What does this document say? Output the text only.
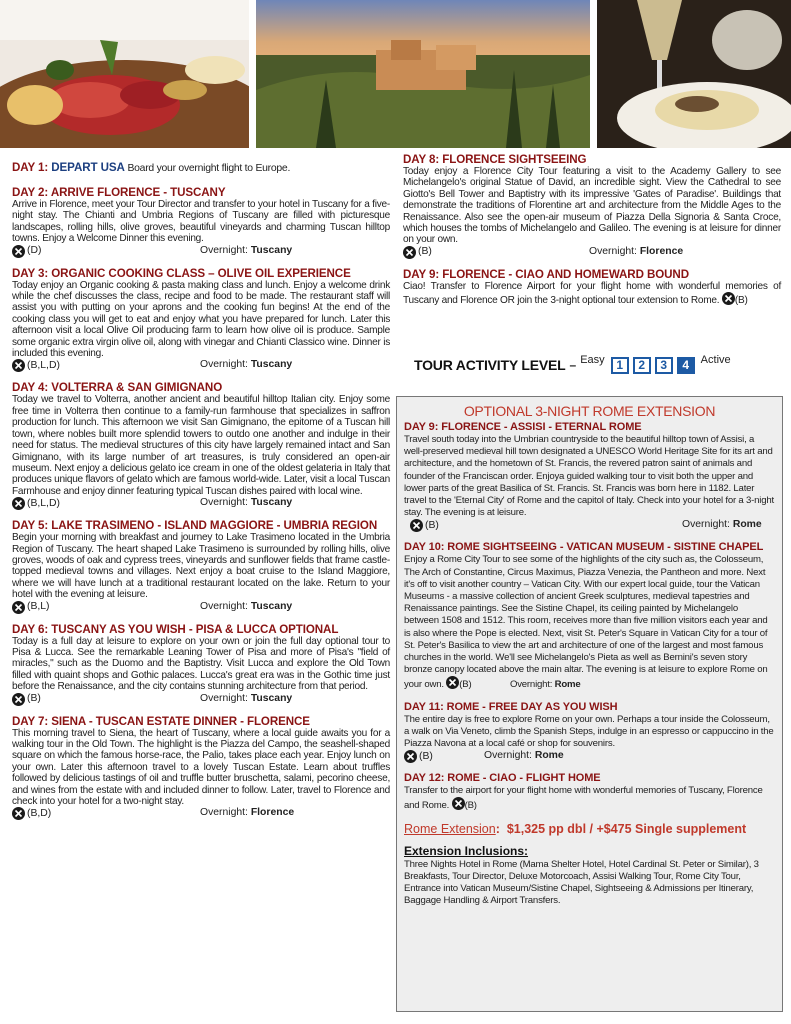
DAY 1: DEPART USA Board your overnight flight to Europe.
DAY 2: ARRIVE FLORENCE - TUSCANY
Arrive in Florence, meet your Tour Director and transfer to your hotel in Tuscany for a five-night stay. The Chianti and Umbria Regions of Tuscany are filled with picturesque landscapes, rolling hills, olive groves, beautiful vineyards and charming Tuscan hilltop towns. Enjoy a Welcome Dinner this evening.
(D)	Overnight: Tuscany
DAY 3: ORGANIC COOKING CLASS – OLIVE OIL EXPERIENCE
Today enjoy an Organic cooking & pasta making class and lunch. Enjoy a welcome drink while the chef discusses the class, recipe and food to be made. The restaurant staff will assist you with putting on your aprons and the cooking fun begins! At the end of the cooking class you will get to eat and enjoy what you have prepared for lunch. Later this afternoon visit a local Olive Oil producing farm to learn how olive oil is produce. Sample some organic extra virgin olive oil, along with vinegar and Chianti Classico wine. Dinner is included this evening.
(B,L,D)	Overnight: Tuscany
DAY 4: VOLTERRA & SAN GIMIGNANO
Today we travel to Volterra, another ancient and beautiful hilltop Italian city. Enjoy some free time in Volterra then continue to a family-run farmhouse that specializes in saffron production for lunch. This afternoon we visit San Gimignano, the epitome of a Tuscan hill town, where nobles built more splendid towers to outdo one another and indulge in their need for status. The medieval structures of this city have largely remained intact and San Gimignano, with its large number of art treasures, is truly considered an open-air museum. Next enjoy a delicious gelato ice cream in one of the oldest gelateria in Italy that produces unique flavors of gelato which are famous world-wide. Later, visit a local Tuscan Farmhouse and enjoy dinner featuring typical Tuscan dishes paired with local wine.
(B,L,D)	Overnight: Tuscany
DAY 5: LAKE TRASIMENO - ISLAND MAGGIORE - UMBRIA REGION
Begin your morning with breakfast and journey to Lake Trasimeno located in the Umbria Region of Tuscany. The heart shaped Lake Trasimeno is surrounded by rolling hills, olive groves, woods of oak and cypress trees, vineyards and sunflower fields that frame castle-topped medieval towns and villages. Next enjoy a boat cruise to the Island Maggiore, where we will have lunch at a traditional restaurant located on the lake. Return to your hotel with the evening at leisure.
(B,L)	Overnight: Tuscany
DAY 6: TUSCANY AS YOU WISH - PISA & LUCCA OPTIONAL
Today is a full day at leisure to explore on your own or join the full day optional tour to Pisa & Lucca. See the remarkable Leaning Tower of Pisa and more of Pisa's "field of miracles," such as the Duomo and the Baptistry. Visit Lucca and explore the Old Town filled with quaint shops and Gothic palaces. Lucca's great era was in the Gothic time just before the Renaissance, and the city contains stunning architecture from that period.
(B)	Overnight: Tuscany
DAY 7: SIENA - TUSCAN ESTATE DINNER - FLORENCE
This morning travel to Siena, the heart of Tuscany, where a local guide awaits you for a walking tour in the Old Town. The highlight is the Piazza del Campo, the seashell-shaped square on which the famous horse-race, the Palio, takes place each year. Enjoy lunch on your own. Later this afternoon travel to a lovely Tuscan Estate. Learn about truffles followed by delicious tastings of oil and truffle butter bruschetta, salami, pecorino cheese, and wines from the estate with and included dinner to follow. Later, travel to Florence and check into your hotel for a two-night stay.
(B,D)	Overnight: Florence
DAY 8: FLORENCE SIGHTSEEING
Today enjoy a Florence City Tour featuring a visit to the Academy Gallery to see Michelangelo's original Statue of David, an incredible sight. View the Cathedral to see Giotto's Bell Tower and Baptistry with its impressive 'Gates of Paradise'. Buildings that demonstrate the traditions of Florentine art and architecture from the Middle Ages to the Renaissance. Also see the open-air museum of Piazza Della Signoria & Santa Croce, which houses the tombs of Michelangelo and Galileo. The evening is at leisure for dinner on your own.
(B)	Overnight: Florence
DAY 9: FLORENCE - CIAO AND HOMEWARD BOUND
Ciao! Transfer to Florence Airport for your flight home with wonderful memories of Tuscany and Florence OR join the 3-night optional tour extension to Rome. (B)
TOUR ACTIVITY LEVEL – Easy 1	2	3	4	Active
OPTIONAL 3-NIGHT ROME EXTENSION
DAY 9: FLORENCE - ASSISI - ETERNAL ROME
Travel south today into the Umbrian countryside to the beautiful hilltop town of Assisi, a well-preserved medieval hill town designated a UNESCO World Heritage Site for its art and architecture, and the hometown of St. Francis, the revered patron saint of animals and founder of the Franciscan order. Enjoya guided walking tour to visit both the upper and lower parts of the great Basilica of St. Francis. St. Francis was born here in 1182. Later travel to the 'Eternal City' of Rome and the capitol of Italy. Check into your hotel for a 3-night stay. The evening is at leisure.
(B)	Overnight: Rome
DAY 10: ROME SIGHTSEEING - VATICAN MUSEUM - SISTINE CHAPEL
Enjoy a Rome City Tour to see some of the highlights of the city such as, the Colosseum, The Arch of Constantine, Circus Maximus, Piazza Venezia, the Pantheon and more. Next it's off to visit another country – Vatican City. With our expert local guide, tour the Vatican Museums - a massive collection of ancient Greek sculptures, medieval tapestries and Renaissance paintings. See the Sistine Chapel, its ceiling painted by Michelangelo between 1508 and 1512. This room, receives more than five million visitors each year and is also where the Pope is elected. Next, visit St. Peter's Square in Vatican City for a tour of St. Peter's Basilica to view the art and architecture of one of the largest and most famous churches in the world. We'll see Michelangelo's Pieta as well as Bernini's seven story bronze canopy located above the main altar. The evening is at leisure to explore Rome on your own. (B)	Overnight: Rome
DAY 11: ROME - FREE DAY AS YOU WISH
The entire day is free to explore Rome on your own. Perhaps a tour inside the Colosseum, a walk on Via Veneto, climb the Spanish Steps, indulge in an espresso or cappuccino in the Piazza Navona at a local café or shop for souvenirs.
(B)	Overnight: Rome
DAY 12: ROME - CIAO - FLIGHT HOME
Transfer to the airport for your flight home with wonderful memories of Tuscany, Florence and Rome. (B)
Rome Extension: $1,325 pp dbl / +$475 Single supplement
Extension Inclusions:
Three Nights Hotel in Rome (Mama Shelter Hotel, Hotel Cardinal St. Peter or Similar), 3 Breakfasts, Tour Director, Deluxe Motorcoach, Assisi Walking Tour, Rome City Tour, Entrance into Vatican Museum/Sistine Chapel, Sightseeing & Admissions per Itinerary, Baggage Handling & Airport Transfers.
